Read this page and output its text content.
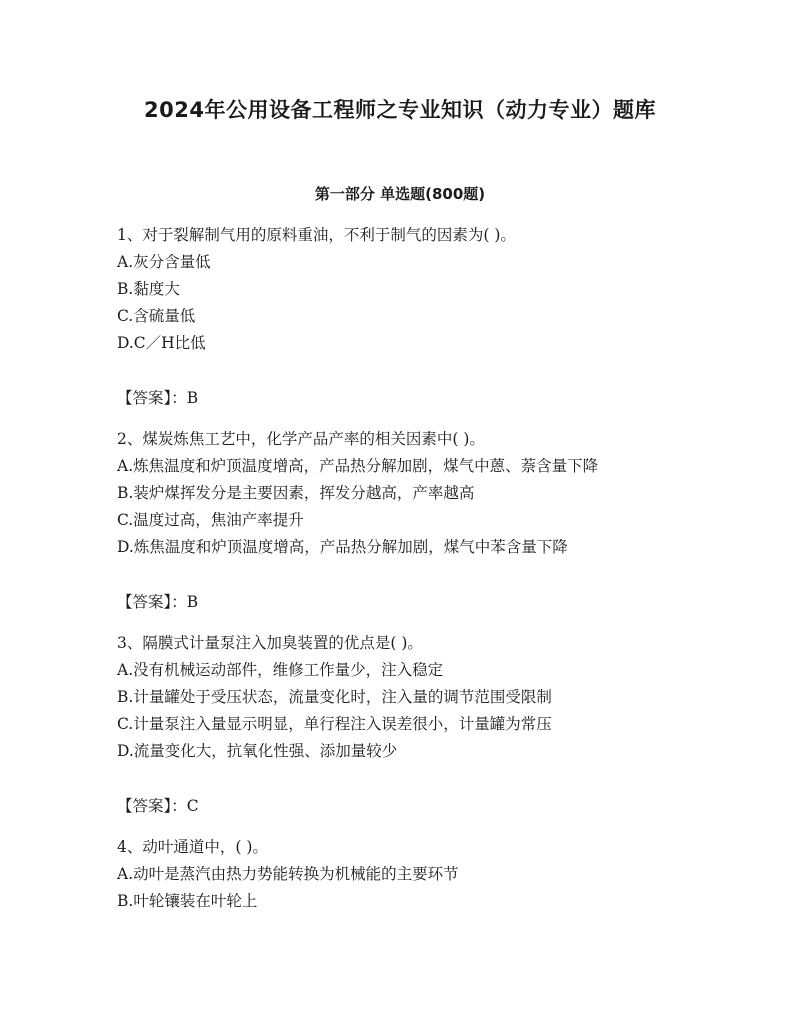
2024年公用设备工程师之专业知识（动力专业）题库
第一部分 单选题(800题)

1、对于裂解制气用的原料重油，不利于制气的因素为( )。

A.灰分含量低

B.黏度大

C.含硫量低

D.C／H比低

【答案】：B

2、煤炭炼焦工艺中，化学产品产率的相关因素中( )。

A.炼焦温度和炉顶温度增高，产品热分解加剧，煤气中蒽、萘含量下降

B.装炉煤挥发分是主要因素，挥发分越高，产率越高

C.温度过高，焦油产率提升

D.炼焦温度和炉顶温度增高，产品热分解加剧，煤气中苯含量下降

【答案】：B

3、隔膜式计量泵注入加臭装置的优点是( )。

A.没有机械运动部件，维修工作量少，注入稳定

B.计量罐处于受压状态，流量变化时，注入量的调节范围受限制

C.计量泵注入量显示明显，单行程注入误差很小，计量罐为常压

D.流量变化大，抗氧化性强、添加量较少

【答案】：C

4、动叶通道中，( )。

A.动叶是蒸汽由热力势能转换为机械能的主要环节

B.叶轮镶装在叶轮上
